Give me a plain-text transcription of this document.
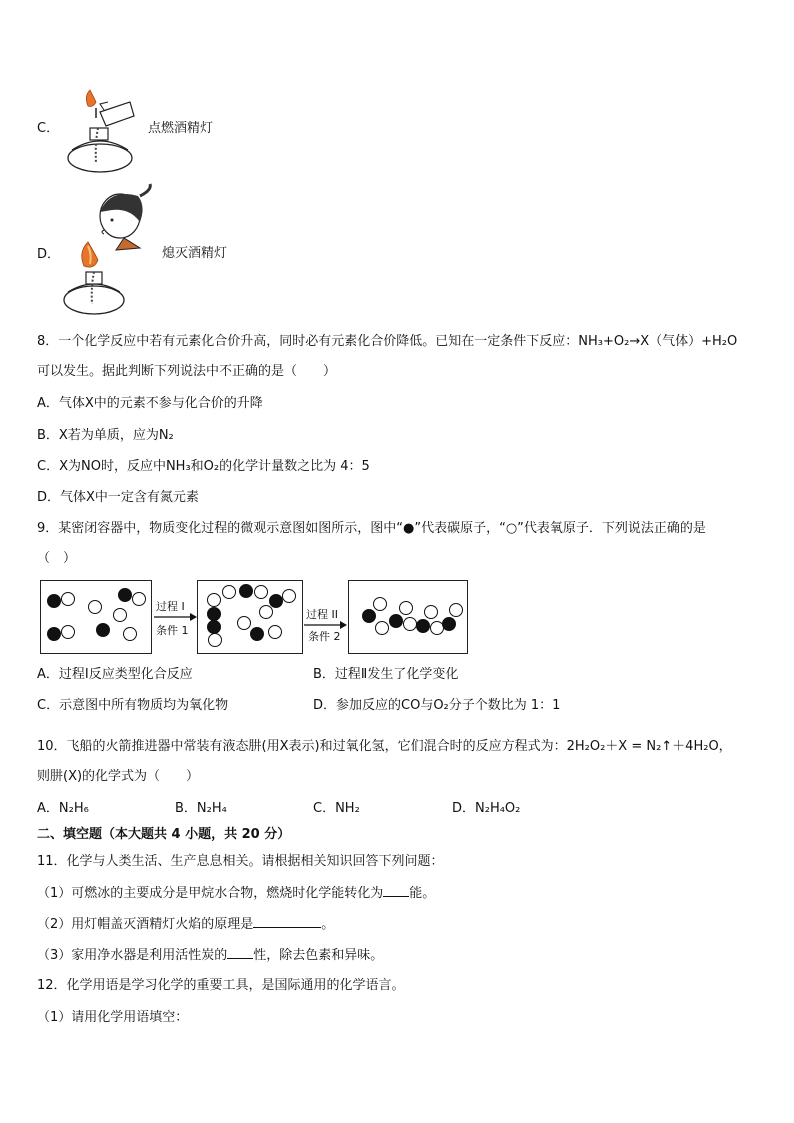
C．	点燃酒精灯
D．	熄灭酒精灯
8．一个化学反应中若有元素化合价升高，同时必有元素化合价降低。已知在一定条件下反应：NH₃+O₂→X（气体）+H₂O
可以发生。据此判断下列说法中不正确的是（　　）
A．气体X中的元素不参与化合价的升降
B．X若为单质，应为N₂
C．X为NO时，反应中NH₃和O₂的化学计量数之比为 4：5
D．气体X中一定含有氮元素
9．某密闭容器中，物质变化过程的微观示意图如图所示，图中“●”代表碳原子，“○”代表氧原子．下列说法正确的是
（　）
过程 I
条件 1
过程 II
条件 2
A．过程Ⅰ反应类型化合反应	B．过程Ⅱ发生了化学变化
C．示意图中所有物质均为氧化物	D．参加反应的CO与O₂分子个数比为 1：1
10．飞船的火箭推进器中常装有液态肼(用X表示)和过氧化氢，它们混合时的反应方程式为：2H₂O₂＋X = N₂↑＋4H₂O，
则肼(X)的化学式为（　　）
A．N₂H₆	B．N₂H₄	C．NH₂	D．N₂H₄O₂
二、填空题（本大题共 4 小题，共 20 分）
11．化学与人类生活、生产息息相关。请根据相关知识回答下列问题：
（1）可燃冰的主要成分是甲烷水合物，燃烧时化学能转化为 能。
（2）用灯帽盖灭酒精灯火焰的原理是	。
（3）家用净水器是利用活性炭的 性，除去色素和异味。
12．化学用语是学习化学的重要工具，是国际通用的化学语言。
（1）请用化学用语填空：
